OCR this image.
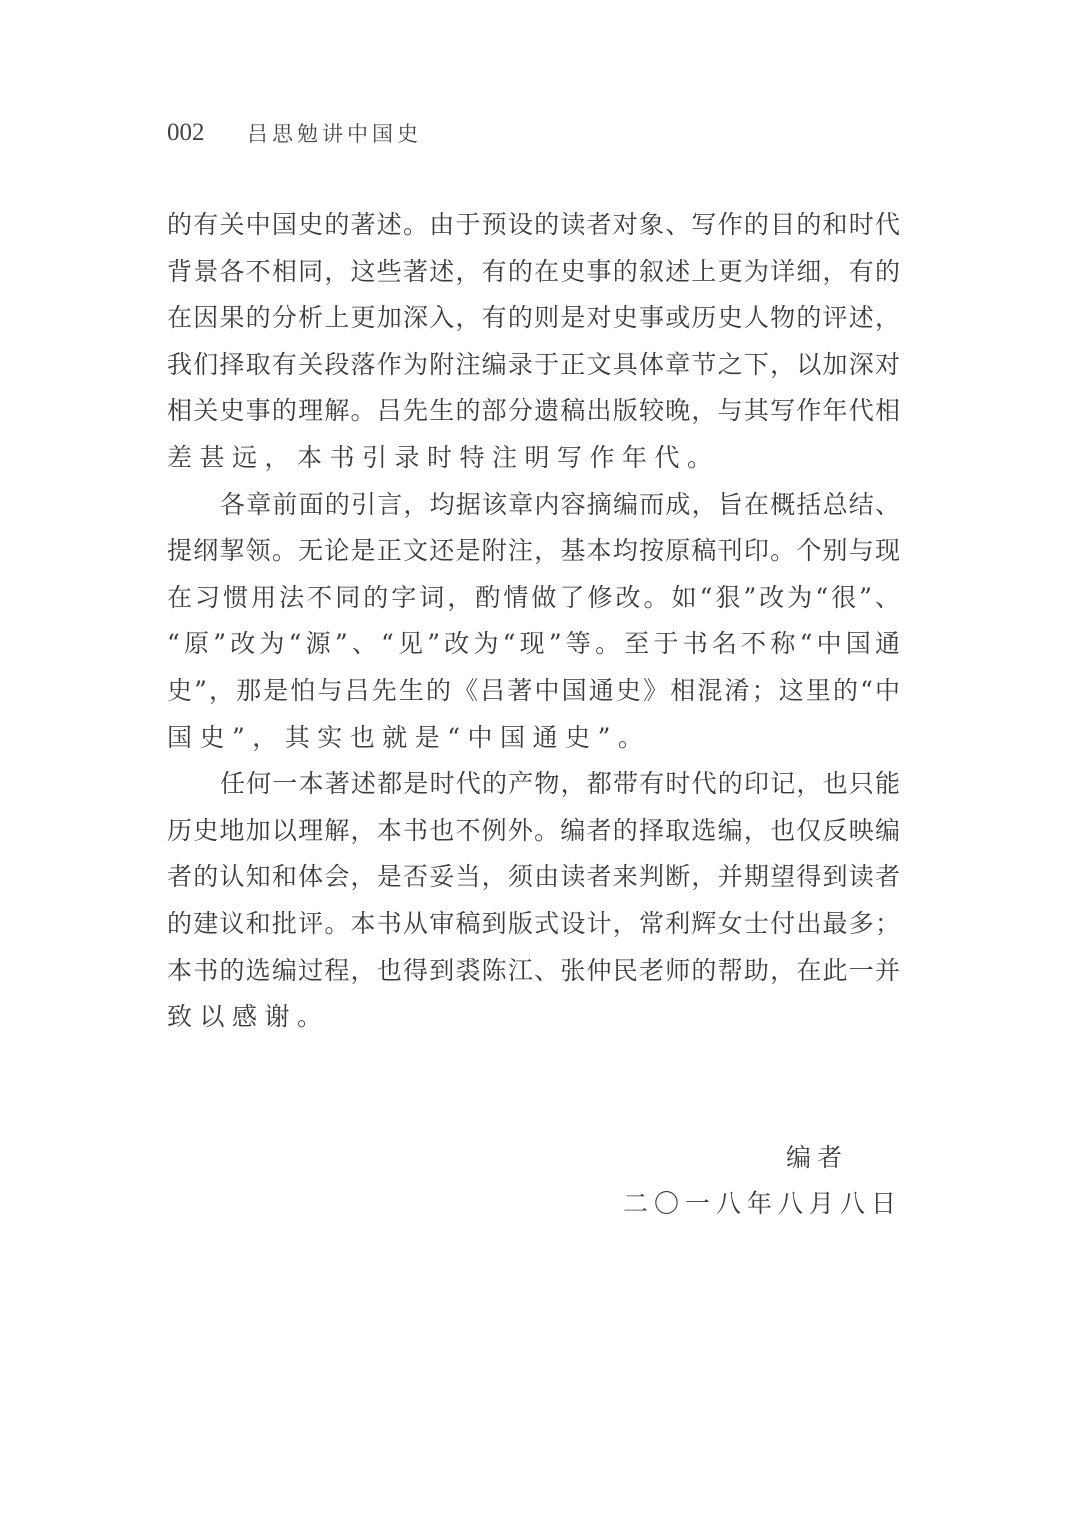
002	吕思勉讲中国史
的有关中国史的著述。由于预设的读者对象、写作的目的和时代
背景各不相同，这些著述，有的在史事的叙述上更为详细，有的
在因果的分析上更加深入，有的则是对史事或历史人物的评述，
我们择取有关段落作为附注编录于正文具体章节之下，以加深对
相关史事的理解。吕先生的部分遗稿出版较晚，与其写作年代相
差甚远，本书引录时特注明写作年代。
各章前面的引言，均据该章内容摘编而成，旨在概括总结、
提纲挈领。无论是正文还是附注，基本均按原稿刊印。个别与现
在习惯用法不同的字词，酌情做了修改。如“狠”改为“很”、
“原”改为“源”、“见”改为“现”等。至于书名不称“中国通
史”，那是怕与吕先生的《吕著中国通史》相混淆；这里的“中
国史”，其实也就是“中国通史”。
任何一本著述都是时代的产物，都带有时代的印记，也只能
历史地加以理解，本书也不例外。编者的择取选编，也仅反映编
者的认知和体会，是否妥当，须由读者来判断，并期望得到读者
的建议和批评。本书从审稿到版式设计，常利辉女士付出最多；
本书的选编过程，也得到裘陈江、张仲民老师的帮助，在此一并
致以感谢。
编者
二〇一八年八月八日
